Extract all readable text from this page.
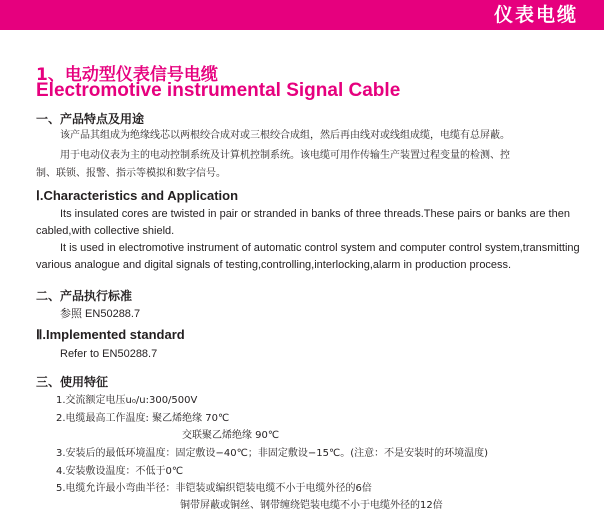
仪表电缆
1、电动型仪表信号电缆
Electromotive instrumental Signal Cable
一、产品特点及用途
该产品其组成为绝缘线芯以两根绞合成对或三根绞合成组，然后再由线对或线组成缆，电缆有总屏蔽。
用于电动仪表为主的电动控制系统及计算机控制系统。该电缆可用作传输生产装置过程变量的检测、控
制、联锁、报警、指示等模拟和数字信号。
Ⅰ.Characteristics and Application
Its insulated cores are twisted in pair or stranded in banks of three threads.These pairs or banks are then
cabled,with collective shield.
It is used in electromotive instrument of automatic control system and computer control system,transmitting
various analogue and digital signals of testing,controlling,interlocking,alarm in production process.
二、产品执行标准
参照 EN50288.7
Ⅱ.Implemented standard
Refer to EN50288.7
三、使用特征
1.交流额定电压u₀/u:300/500V
2.电缆最高工作温度: 聚乙烯绝缘 70℃
交联聚乙烯绝缘 90℃
3.安装后的最低环境温度：固定敷设−40℃；非固定敷设−15℃。(注意：不是安装时的环境温度)
4.安装敷设温度：不低于0℃
5.电缆允许最小弯曲半径：非铠装或编织铠装电缆不小于电缆外径的6倍
铜带屏蔽或铜丝、钢带缠绕铠装电缆不小于电缆外径的12倍
